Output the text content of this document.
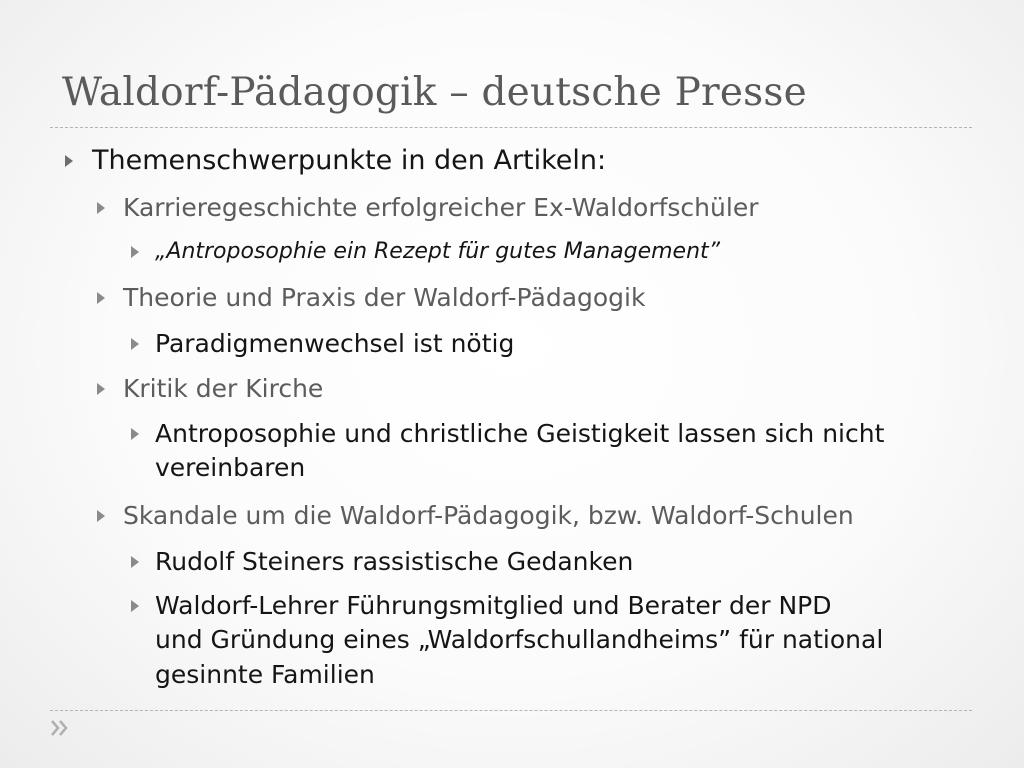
Waldorf-Pädagogik – deutsche Presse
Themenschwerpunkte in den Artikeln:
Karrieregeschichte erfolgreicher Ex-Waldorfschüler
„Antroposophie ein Rezept für gutes Management”
Theorie und Praxis der Waldorf-Pädagogik
Paradigmenwechsel ist nötig
Kritik der Kirche
Antroposophie und christliche Geistigkeit lassen sich nicht
vereinbaren
Skandale um die Waldorf-Pädagogik, bzw. Waldorf-Schulen
Rudolf Steiners rassistische Gedanken
Waldorf-Lehrer Führungsmitglied und Berater der NPD
und Gründung eines „Waldorfschullandheims” für national
gesinnte Familien
